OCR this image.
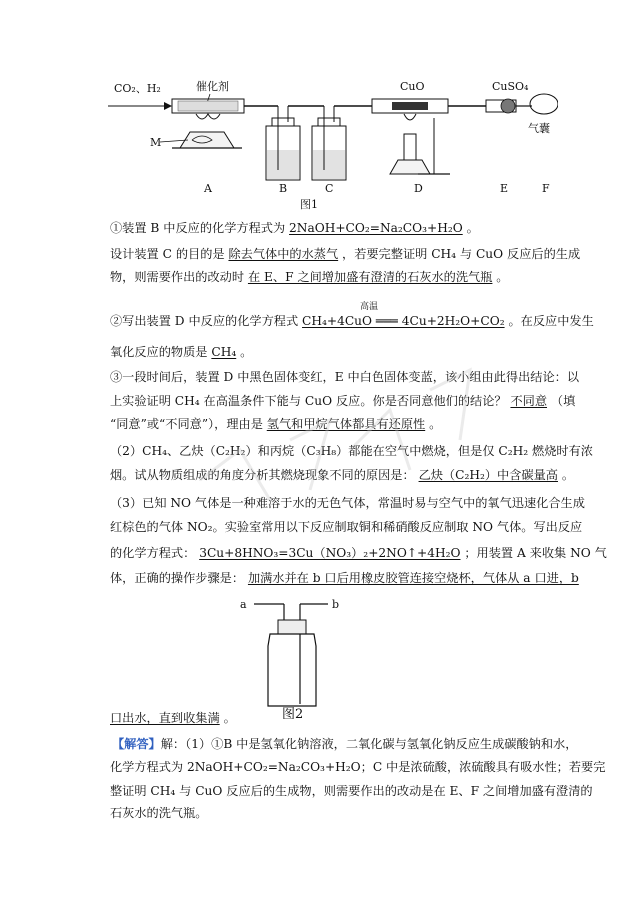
CO₂、H₂	催化剂
M
CuO	CuSO₄
气囊
A	B	C	D	E	F
图1
①装置 B 中反应的化学方程式为 2NaOH+CO₂=Na₂CO₃+H₂O 。
设计装置 C 的目的是 除去气体中的水蒸气 ，若要完整证明 CH₄ 与 CuO 反应后的生成
物，则需要作出的改动时 在 E、F 之间增加盛有澄清的石灰水的洗气瓶 。
高温
②写出装置 D 中反应的化学方程式 CH₄+4CuO ═══ 4Cu+2H₂O+CO₂ 。在反应中发生
氧化反应的物质是 CH₄ 。
③一段时间后，装置 D 中黑色固体变红，E 中白色固体变蓝，该小组由此得出结论：以
上实验证明 CH₄ 在高温条件下能与 CuO 反应。你是否同意他们的结论？ 不同意 （填
“同意”或“不同意”），理由是 氢气和甲烷气体都具有还原性 。
（2）CH₄、乙炔（C₂H₂）和丙烷（C₃H₈）都能在空气中燃烧，但是仅 C₂H₂ 燃烧时有浓
烟。试从物质组成的角度分析其燃烧现象不同的原因是： 乙炔（C₂H₂）中含碳量高 。
（3）已知 NO 气体是一种难溶于水的无色气体，常温时易与空气中的氧气迅速化合生成
红棕色的气体 NO₂。实验室常用以下反应制取铜和稀硝酸反应制取 NO 气体。写出反应
的化学方程式： 3Cu+8HNO₃=3Cu（NO₃）₂+2NO↑+4H₂O ；用装置 A 来收集 NO 气
体，正确的操作步骤是： 加满水并在 b 口后用橡皮胶管连接空烧杯，气体从 a 口进，b
a	b
图2
口出水，直到收集满 。
【解答】解：（1）①B 中是氢氧化钠溶液，二氧化碳与氢氧化钠反应生成碳酸钠和水，
化学方程式为 2NaOH+CO₂=Na₂CO₃+H₂O；C 中是浓硫酸，浓硫酸具有吸水性；若要完
整证明 CH₄ 与 CuO 反应后的生成物，则需要作出的改动是在 E、F 之间增加盛有澄清的
石灰水的洗气瓶。
